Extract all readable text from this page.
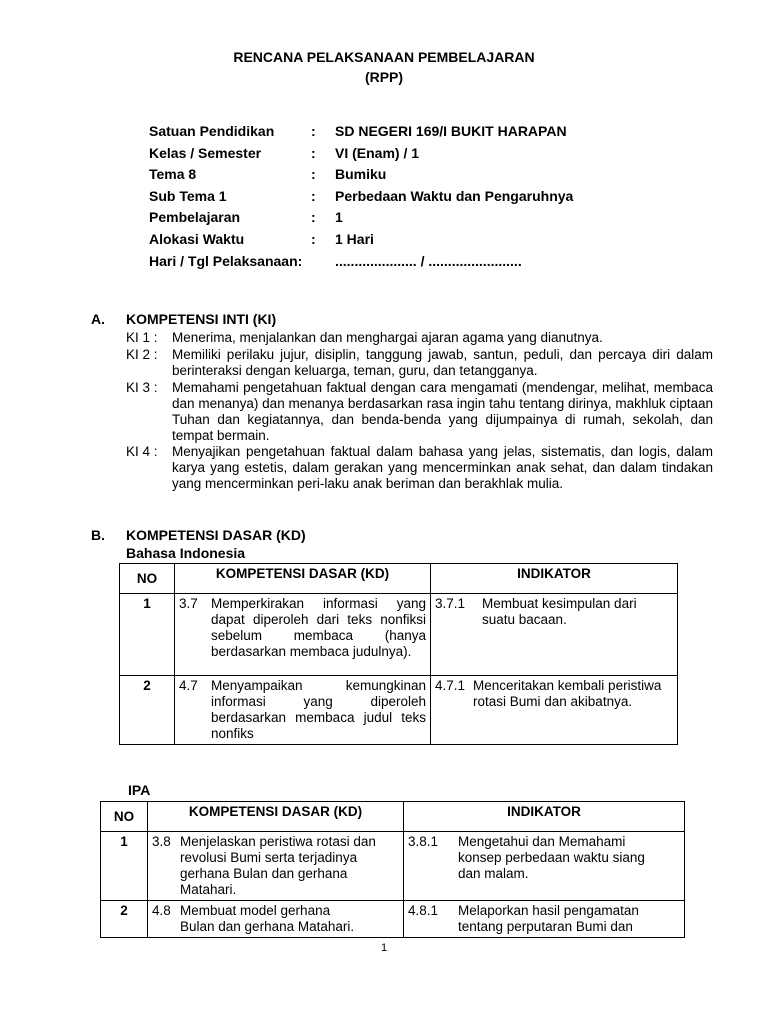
RENCANA PELAKSANAAN PEMBELAJARAN
(RPP)
Satuan Pendidikan	: SD NEGERI 169/I BUKIT HARAPAN
Kelas / Semester	: VI (Enam) / 1
Tema 8	: Bumiku
Sub Tema 1	: Perbedaan Waktu dan Pengaruhnya
Pembelajaran	: 1
Alokasi Waktu	: 1 Hari
Hari / Tgl Pelaksanaan: ..................... / ........................
A. KOMPETENSI INTI (KI)
KI 1 : Menerima, menjalankan dan menghargai ajaran agama yang dianutnya.
KI 2 : Memiliki perilaku jujur, disiplin, tanggung jawab, santun, peduli, dan percaya diri dalam berinteraksi dengan keluarga, teman, guru, dan tetangganya.
KI 3 : Memahami pengetahuan faktual dengan cara mengamati (mendengar, melihat, membaca dan menanya) dan menanya berdasarkan rasa ingin tahu tentang dirinya, makhluk ciptaan Tuhan dan kegiatannya, dan benda-benda yang dijumpainya di rumah, sekolah, dan tempat bermain.
KI 4 : Menyajikan pengetahuan faktual dalam bahasa yang jelas, sistematis, dan logis, dalam karya yang estetis, dalam gerakan yang mencerminkan anak sehat, dan dalam tindakan yang mencerminkan peri-laku anak beriman dan berakhlak mulia.
B. KOMPETENSI DASAR (KD)
Bahasa Indonesia
NO	KOMPETENSI DASAR (KD)	INDIKATOR
1	3.7 Memperkirakan informasi yang dapat diperoleh dari teks nonfiksi sebelum membaca (hanya berdasarkan membaca judulnya).	3.7.1 Membuat kesimpulan dari suatu bacaan.

2	4.7 Menyampaikan kemungkinan informasi yang diperoleh berdasarkan membaca judul teks nonfiks	4.7.1 Menceritakan kembali peristiwa rotasi Bumi dan akibatnya.
IPA
NO	KOMPETENSI DASAR (KD)	INDIKATOR
1	3.8 Menjelaskan peristiwa rotasi dan revolusi Bumi serta terjadinya gerhana Bulan dan gerhana Matahari.	3.8.1 Mengetahui dan Memahami konsep perbedaan waktu siang dan malam.

2	4.8 Membuat model gerhana Bulan dan gerhana Matahari.	4.8.1 Melaporkan hasil pengamatan tentang perputaran Bumi dan
1
